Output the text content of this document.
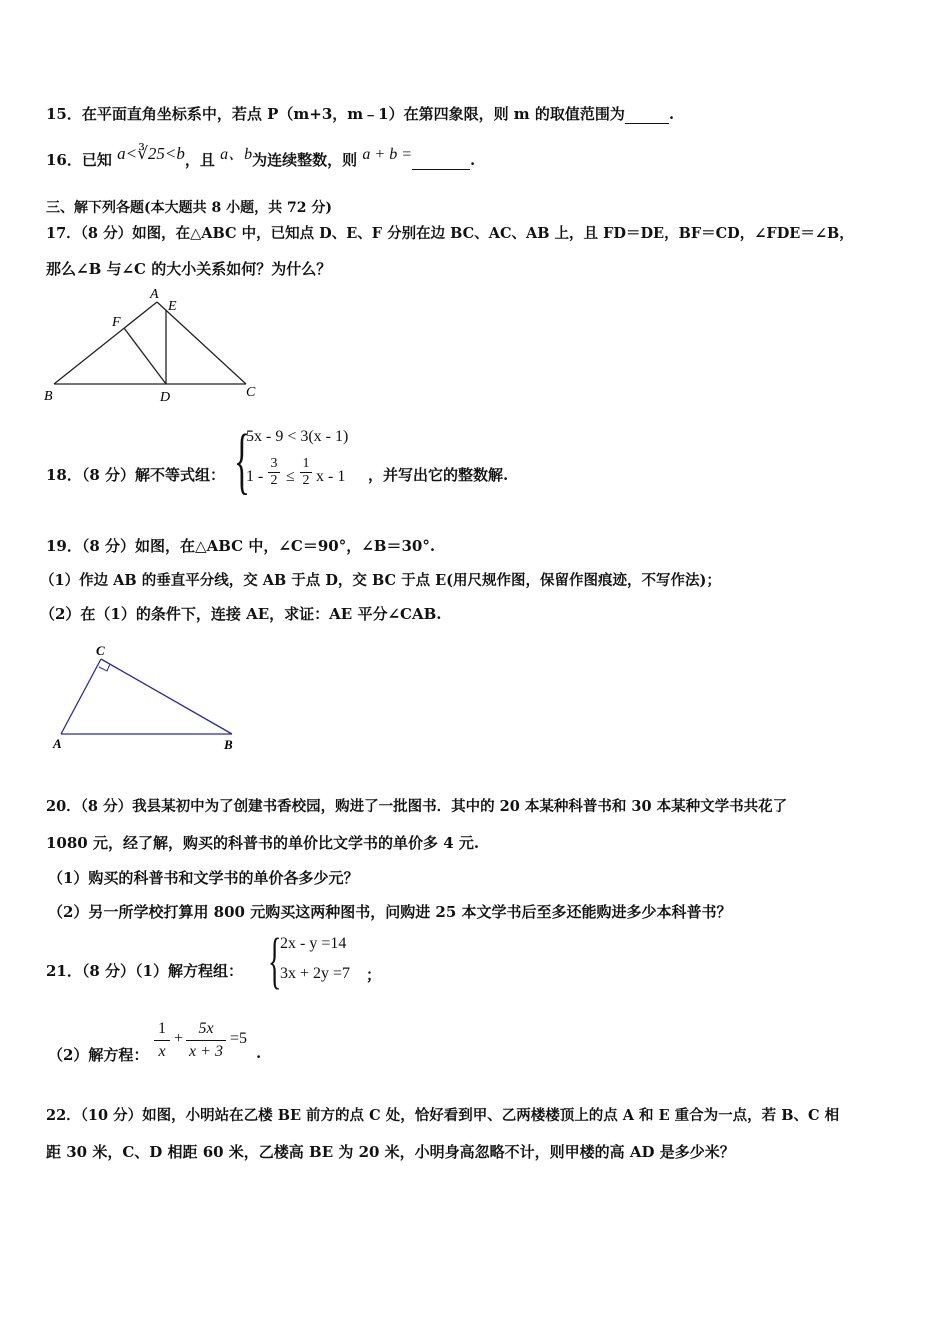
15．在平面直角坐标系中，若点 P（m+3，m﹣1）在第四象限，则 m 的取值范围为	.
16．已知 a<∛25<b，且 a、b为连续整数，则 a + b =	.
三、解下列各题(本大题共 8 小题，共 72 分)
17．（8 分）如图，在△ABC 中，已知点 D、E、F 分别在边 BC、AC、AB 上，且 FD＝DE，BF＝CD，∠FDE＝∠B，
那么∠B 与∠C 的大小关系如何？为什么？
A
E
F
B	D	C
18．（8 分）解不等式组： {
5x - 9 < 3(x - 1)
1 -
3
2 ≤
1
2 x - 1 ，并写出它的整数解.
19．（8 分）如图，在△ABC 中，∠C＝90°，∠B＝30°.
（1）作边 AB 的垂直平分线，交 AB 于点 D，交 BC 于点 E(用尺规作图，保留作图痕迹，不写作法)；
（2）在（1）的条件下，连接 AE，求证：AE 平分∠CAB.
C
A	B
20．（8 分）我县某初中为了创建书香校园，购进了一批图书．其中的 20 本某种科普书和 30 本某种文学书共花了
1080 元，经了解，购买的科普书的单价比文学书的单价多 4 元.
（1）购买的科普书和文学书的单价各多少元？
（2）另一所学校打算用 800 元购买这两种图书，问购进 25 本文学书后至多还能购进多少本科普书？
21．（8 分）（1）解方程组： {
2x - y =14
3x + 2y =7 ；
（2）解方程：
1
x
+
5x
x + 3
=5
.
22．（10 分）如图，小明站在乙楼 BE 前方的点 C 处，恰好看到甲、乙两楼楼顶上的点 A 和 E 重合为一点，若 B、C 相
距 30 米，C、D 相距 60 米，乙楼高 BE 为 20 米，小明身高忽略不计，则甲楼的高 AD 是多少米？
